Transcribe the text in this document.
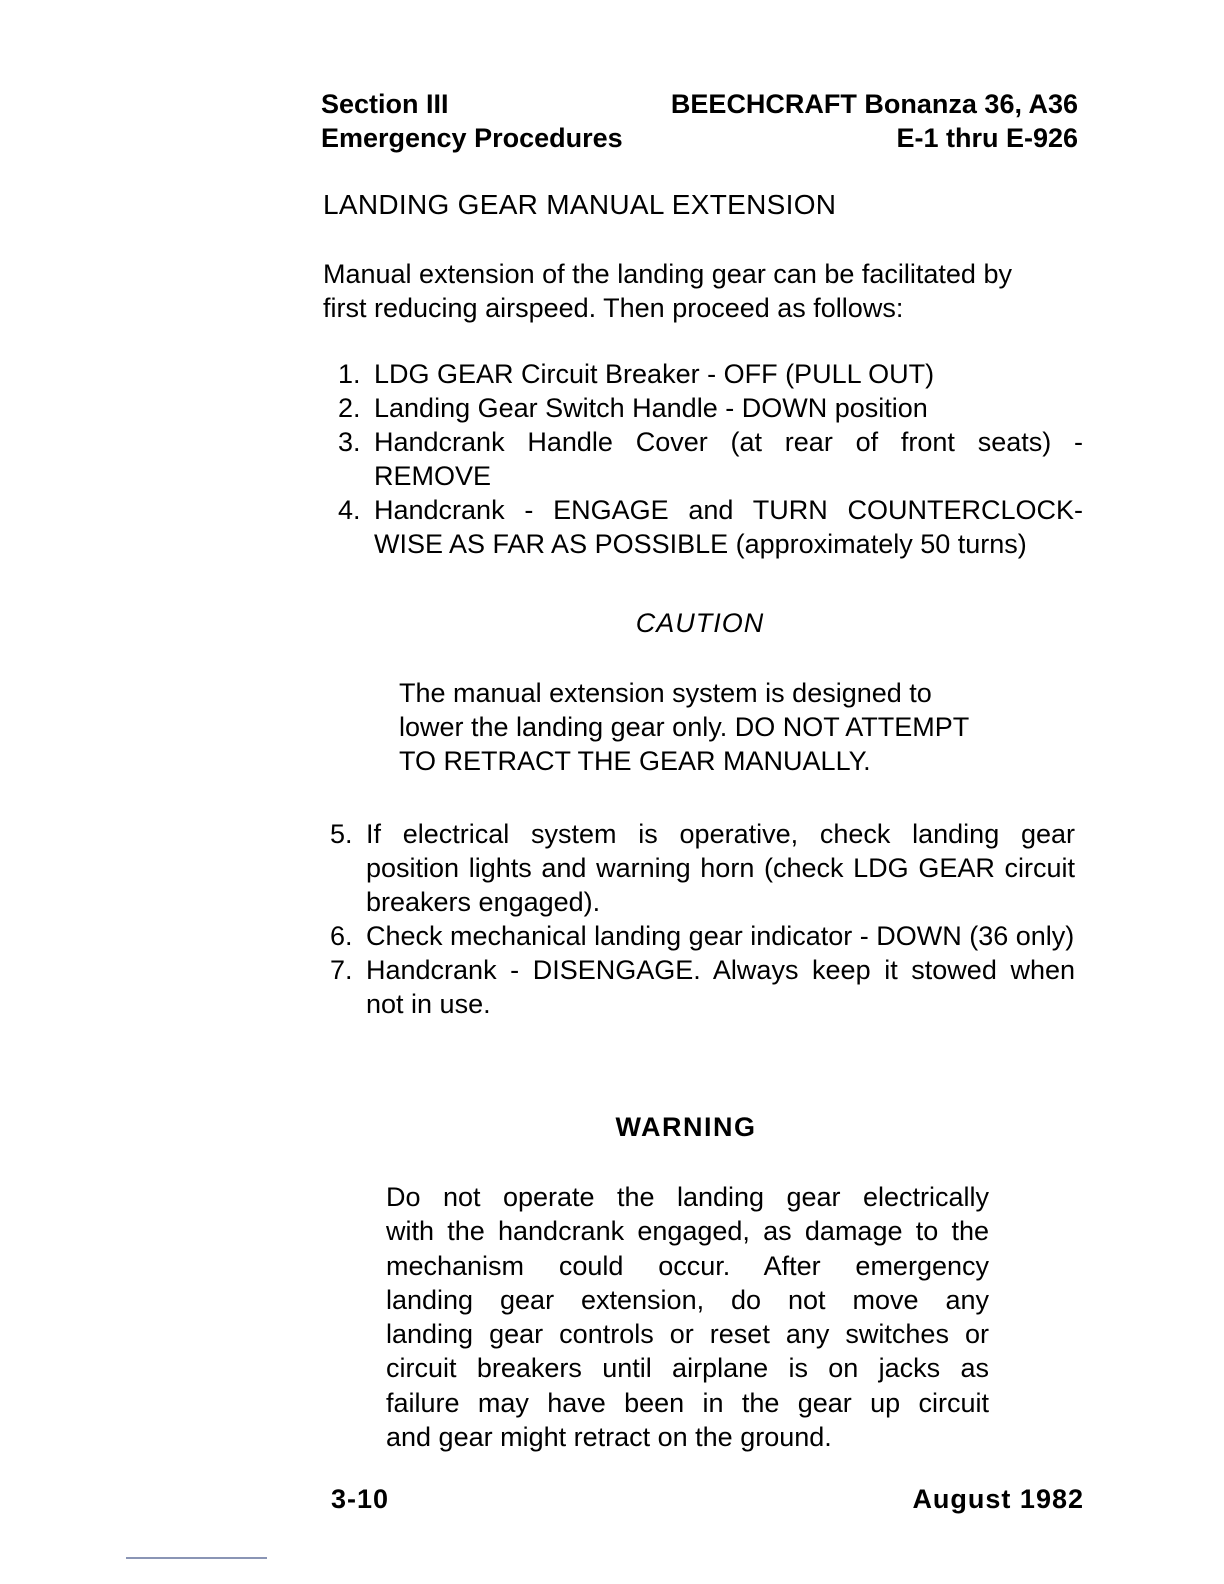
Section III
Emergency Procedures
BEECHCRAFT Bonanza 36, A36
E-1 thru E-926
LANDING GEAR MANUAL EXTENSION
Manual extension of the landing gear can be facilitated by
first reducing airspeed. Then proceed as follows:
1. LDG GEAR Circuit Breaker - OFF (PULL OUT)
2. Landing Gear Switch Handle - DOWN position
3. Handcrank Handle Cover (at rear of front seats) - REMOVE
4. Handcrank - ENGAGE and TURN COUNTERCLOCK-WISE AS FAR AS POSSIBLE (approximately 50 turns)
CAUTION
The manual extension system is designed to
lower the landing gear only. DO NOT ATTEMPT
TO RETRACT THE GEAR MANUALLY.
5. If electrical system is operative, check landing gear position lights and warning horn (check LDG GEAR circuit breakers engaged).
6. Check mechanical landing gear indicator - DOWN (36 only)
7. Handcrank - DISENGAGE. Always keep it stowed when not in use.
WARNING
Do not operate the landing gear electrically
with the handcrank engaged, as damage to the
mechanism could occur. After emergency
landing gear extension, do not move any
landing gear controls or reset any switches or
circuit breakers until airplane is on jacks as
failure may have been in the gear up circuit
and gear might retract on the ground.
3-10	August 1982
